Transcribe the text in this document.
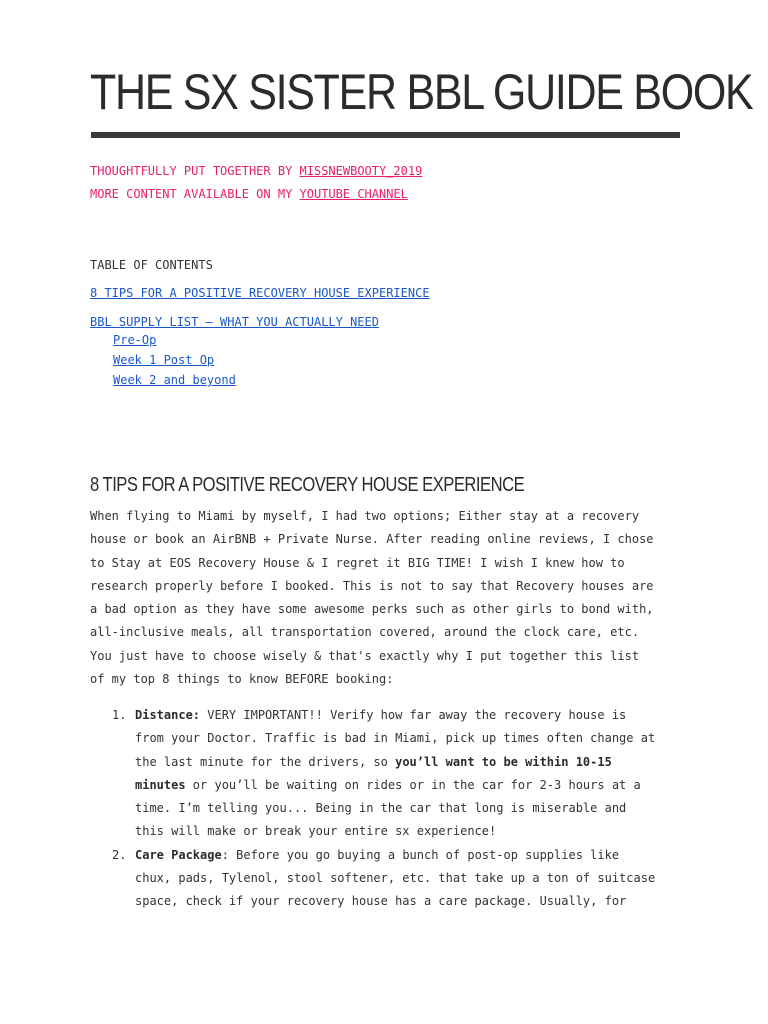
THE SX SISTER BBL GUIDE BOOK
THOUGHTFULLY PUT TOGETHER BY MISSNEWBOOTY_2019
MORE CONTENT AVAILABLE ON MY YOUTUBE CHANNEL
TABLE OF CONTENTS
8 TIPS FOR A POSITIVE RECOVERY HOUSE EXPERIENCE
BBL SUPPLY LIST – WHAT YOU ACTUALLY NEED
Pre-Op
Week 1 Post Op
Week 2 and beyond
8 TIPS FOR A POSITIVE RECOVERY HOUSE EXPERIENCE

When flying to Miami by myself, I had two options; Either stay at a recovery
house or book an AirBNB + Private Nurse. After reading online reviews, I chose
to Stay at EOS Recovery House & I regret it BIG TIME! I wish I knew how to
research properly before I booked. This is not to say that Recovery houses are
a bad option as they have some awesome perks such as other girls to bond with,
all-inclusive meals, all transportation covered, around the clock care, etc.
You just have to choose wisely & that's exactly why I put together this list
of my top 8 things to know BEFORE booking:

1. Distance: VERY IMPORTANT!! Verify how far away the recovery house is
from your Doctor. Traffic is bad in Miami, pick up times often change at
the last minute for the drivers, so you’ll want to be within 10-15
minutes or you’ll be waiting on rides or in the car for 2-3 hours at a
time. I’m telling you... Being in the car that long is miserable and
this will make or break your entire sx experience!
2. Care Package: Before you go buying a bunch of post-op supplies like
chux, pads, Tylenol, stool softener, etc. that take up a ton of suitcase
space, check if your recovery house has a care package. Usually, for
